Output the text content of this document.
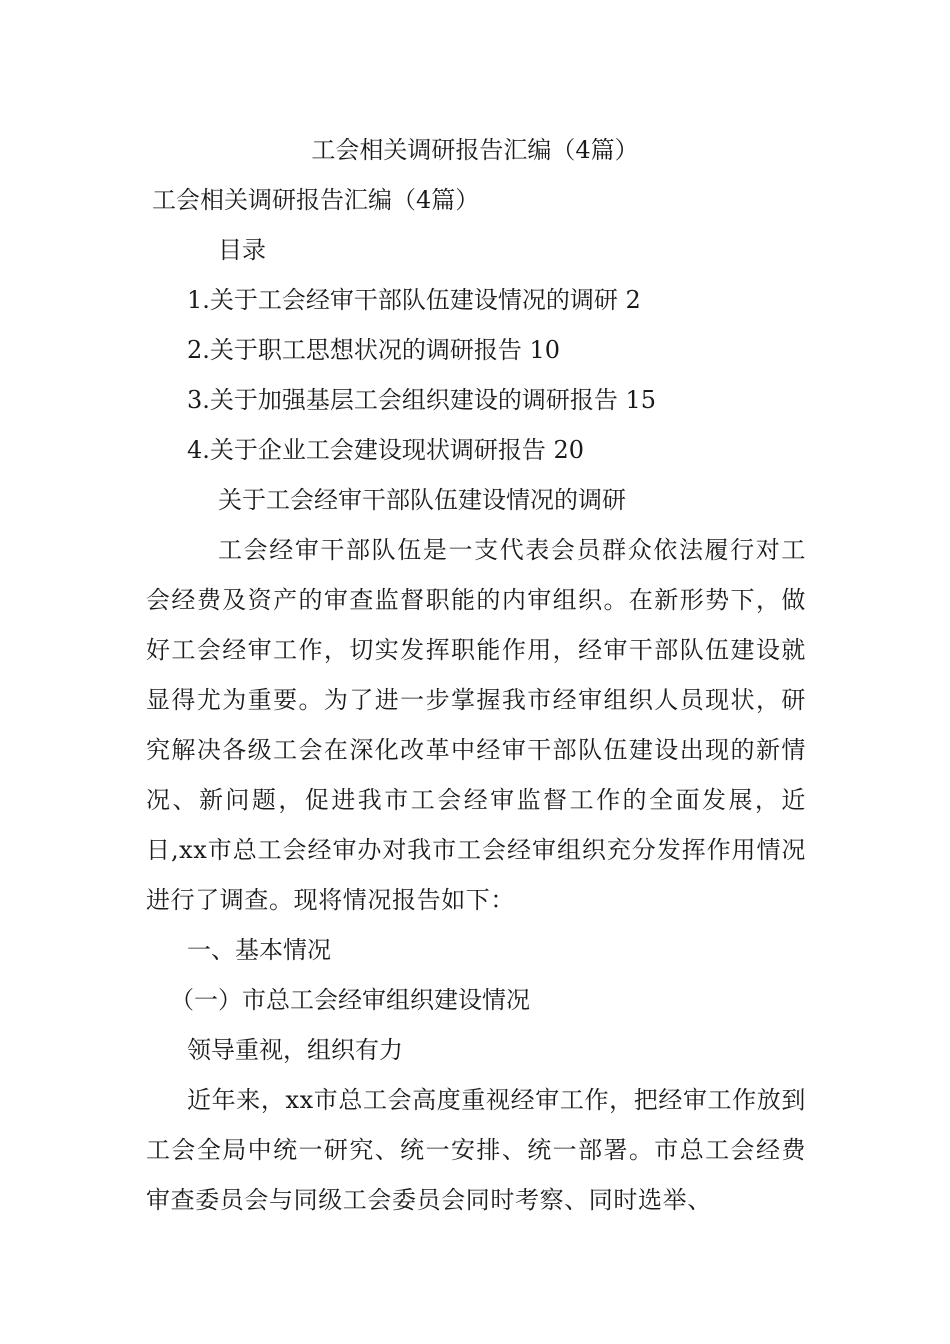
工会相关调研报告汇编（4篇）
工会相关调研报告汇编（4篇）
目录
1.关于工会经审干部队伍建设情况的调研 2
2.关于职工思想状况的调研报告 10
3.关于加强基层工会组织建设的调研报告 15
4.关于企业工会建设现状调研报告 20
关于工会经审干部队伍建设情况的调研
工会经审干部队伍是一支代表会员群众依法履行对工会经费及资产的审查监督职能的内审组织。在新形势下，做好工会经审工作，切实发挥职能作用，经审干部队伍建设就显得尤为重要。为了进一步掌握我市经审组织人员现状，研究解决各级工会在深化改革中经审干部队伍建设出现的新情况、新问题，促进我市工会经审监督工作的全面发展，近日,xx市总工会经审办对我市工会经审组织充分发挥作用情况进行了调查。现将情况报告如下：
一、基本情况
（一）市总工会经审组织建设情况
领导重视，组织有力
近年来，xx市总工会高度重视经审工作，把经审工作放到工会全局中统一研究、统一安排、统一部署。市总工会经费审查委员会与同级工会委员会同时考察、同时选举、
